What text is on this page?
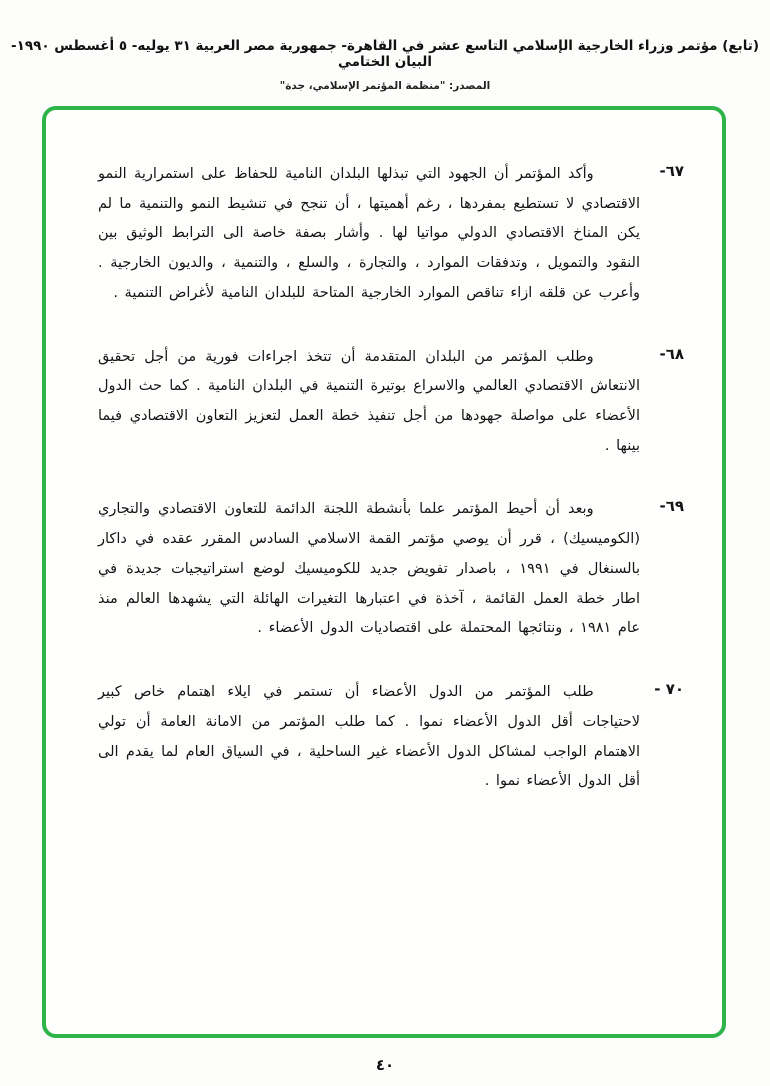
(تابع) مؤتمر وزراء الخارجية الإسلامي التاسع عشر في القاهرة- جمهورية مصر العربية ٣١ يوليه- ٥ أغسطس ١٩٩٠- البيان الختامي
المصدر: "منظمة المؤتمر الإسلامي، جدة"
٦٧-
وأكد المؤتمر أن الجهود التي تبذلها البلدان النامية للحفاظ على استمرارية النمو الاقتصادي لا تستطيع بمفردها ، رغم أهميتها ، أن تنجح في تنشيط النمو والتنمية ما لم يكن المناخ الاقتصادي الدولي مواتيا لها . وأشار بصفة خاصة الى الترابط الوثيق بين النقود والتمويل ، وتدفقات الموارد ، والتجارة ، والسلع ، والتنمية ، والديون الخارجية . وأعرب عن قلقه ازاء تناقص الموارد الخارجية المتاحة للبلدان النامية لأغراض التنمية .
٦٨-
وطلب المؤتمر من البلدان المتقدمة أن تتخذ اجراءات فورية من أجل تحقيق الانتعاش الاقتصادي العالمي والاسراع بوتيرة التنمية في البلدان النامية . كما حث الدول الأعضاء على مواصلة جهودها من أجل تنفيذ خطة العمل لتعزيز التعاون الاقتصادي فيما بينها .
٦٩-
وبعد أن أحيط المؤتمر علما بأنشطة اللجنة الدائمة للتعاون الاقتصادي والتجاري (الكوميسيك) ، قرر أن يوصي مؤتمر القمة الاسلامي السادس المقرر عقده في داكار بالسنغال في ١٩٩١ ، باصدار تفويض جديد للكوميسيك لوضع استراتيجيات جديدة في اطار خطة العمل القائمة ، آخذة في اعتبارها التغيرات الهائلة التي يشهدها العالم منذ عام ١٩٨١ ، ونتائجها المحتملة على اقتصاديات الدول الأعضاء .
٧٠ -
طلب المؤتمر من الدول الأعضاء أن تستمر في ايلاء اهتمام خاص كبير لاحتياجات أقل الدول الأعضاء نموا . كما طلب المؤتمر من الامانة العامة أن تولي الاهتمام الواجب لمشاكل الدول الأعضاء غير الساحلية ، في السياق العام لما يقدم الى أقل الدول الأعضاء نموا .
٤٠
